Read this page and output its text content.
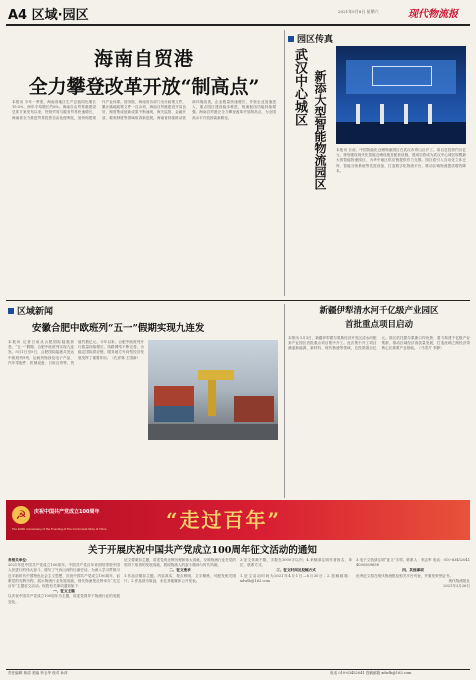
A4 区域·园区	2021年5月8日 星期六	现代物流报
海南自贸港
全力攀登改革开放“制高点”
本报讯 今年一季度，海南省地区生产总值同比增长19.5%，两年平均增长约6%。海南自由贸易港建设总体方案发布以来，货物贸易与服务贸易快速增长，海南省全力推进贸易投资自由化便利化，加快构建现代产业体系。国务院、海南省各部门出台政策文件，累计落地政策文件一百余项，海南自贸港建设开局良好，制度集成创新成果不断涌现，海关监管、金融开放、税收制度等领域取得新进展。海南省持续推动营商环境改善，企业数量快速增长，外资企业加速进入，重点园区建设稳步推进，物流枢纽功能持续增强。海南自贸港正全力攀登改革开放制高点，为全国高水平开放探索新路径。
园区传真
武汉中心城区 新添大型智能物流园区	本报讯 日前，中国智能化仓储物流园区在武汉市青山区开工。项目总投资约百亿元，规划建设现代化智能仓储设施及配套设施，建成后将成为武汉中心城区规模最大的智能物流园区，为华中地区供应链提供有力支撑。园区将引入自动化立体仓库、智能分拣系统等先进设备，打造数字化物流平台，推动区域物流提质增效降本。
区域新闻
安徽合肥中欧班列“五一”假期实现九连发
本报讯 记者日前从合肥国际陆港获悉，“五一”假期，合肥中欧班列实现九连发。5月1日至5日，合肥国际陆港共发运中欧班列9列，运载货物涉及电子产品、汽车零配件、机械设备、日用百货等，货值约数亿元。今年以来，合肥中欧班列开行数量持续增长，线路网络不断完善，为稳定国际供应链、服务地方外向型经济发展发挥了重要作用。（孔祥林 王国新）
新疆伊犁清水河千亿级产业园区
首批重点项目启动
本报讯 5月3日，新疆伊犁霍尔果斯经济开发区清水河配套产业园区首批重点项目集中开工。此次集中开工项目涵盖新能源、新材料、现代物流等领域，总投资超百亿元。园区依托霍尔果斯口岸优势，着力构建千亿级产业集群，推动区域经济高质量发展，打造丝绸之路经济带核心区重要产业基地。（马雪芹 李静）
☭	庆祝中国共产党成立100周年
The 100th Anniversary of the Founding of The Communist Party of China	“走过百年”
关于开展庆祝中国共产党成立100周年征文活动的通知
各相关单位：
2021年是中国共产党成立100周年。中国共产党百年来团结带领中国人民进行的伟大奋斗，谱写了气吞山河的壮丽史诗。为深入学习贯彻习近平新时代中国特色社会主义思想，庆祝中国共产党成立100周年，讴歌党的光辉历程，展示物流行业发展成就，现代物流报社特举办“走过百年”主题征文活动。现将有关事项通知如下：
一、征文主题
以庆祝中国共产党成立100周年为主题，讲述党领导下物流行业的发展变化。
征文要紧扣主题，讲述党的光辉历程和伟大成就，反映物流行业在党的领导下取得的发展成就，展现物流人的奋斗精神与时代风貌。
二、征文要求
1.作品应紧扣主题，内容真实，观点鲜明，文字精炼，可配发相关图片；2.作品须为原创，未在其他媒体公开发表。
3.征文体裁不限，字数在3000字以内；4.来稿请注明作者姓名、单位、联系方式。
三、征文时间及投稿方式
1.征文活动时间为2021年4月1日—8月30日；2.投稿邮箱：xdwlb@163.com
3.电子文档请注明“征文”字样。联系人：李志军 电话：010-63452041 4000569698
四、其他事项
优秀征文将在现代物流报及相关平台刊登，并颁发荣誉证书。
现代物流报社
2021年3月26日
责任编辑 林清 美编 李玉华 校对 孙萍	电话 010-63452041 投稿邮箱 xdwlb@163.com
